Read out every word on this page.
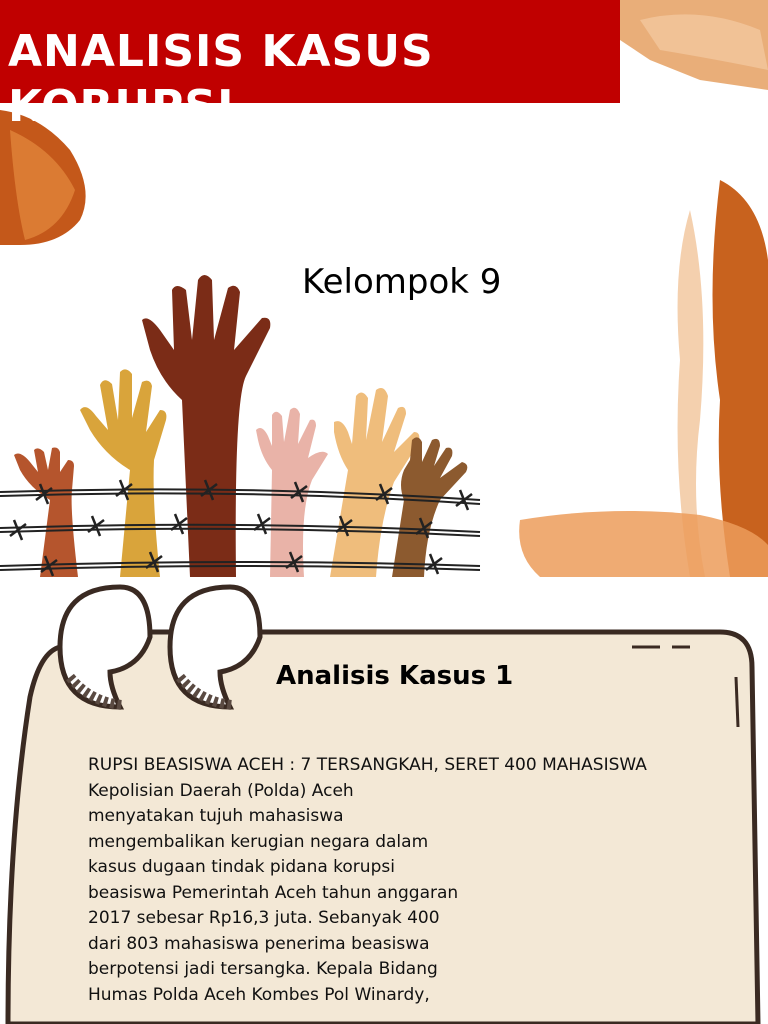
ANALISIS KASUS KORUPSI
Kelompok 9
Analisis Kasus 1
RUPSI BEASISWA ACEH : 7 TERSANGKAH, SERET 400 MAHASISWA
Kepolisian Daerah (Polda) Aceh
menyatakan tujuh mahasiswa
mengembalikan kerugian negara dalam
kasus dugaan tindak pidana korupsi
beasiswa Pemerintah Aceh tahun anggaran
2017 sebesar Rp16,3 juta. Sebanyak 400
dari 803 mahasiswa penerima beasiswa
berpotensi jadi tersangka. Kepala Bidang
Humas Polda Aceh Kombes Pol Winardy,
